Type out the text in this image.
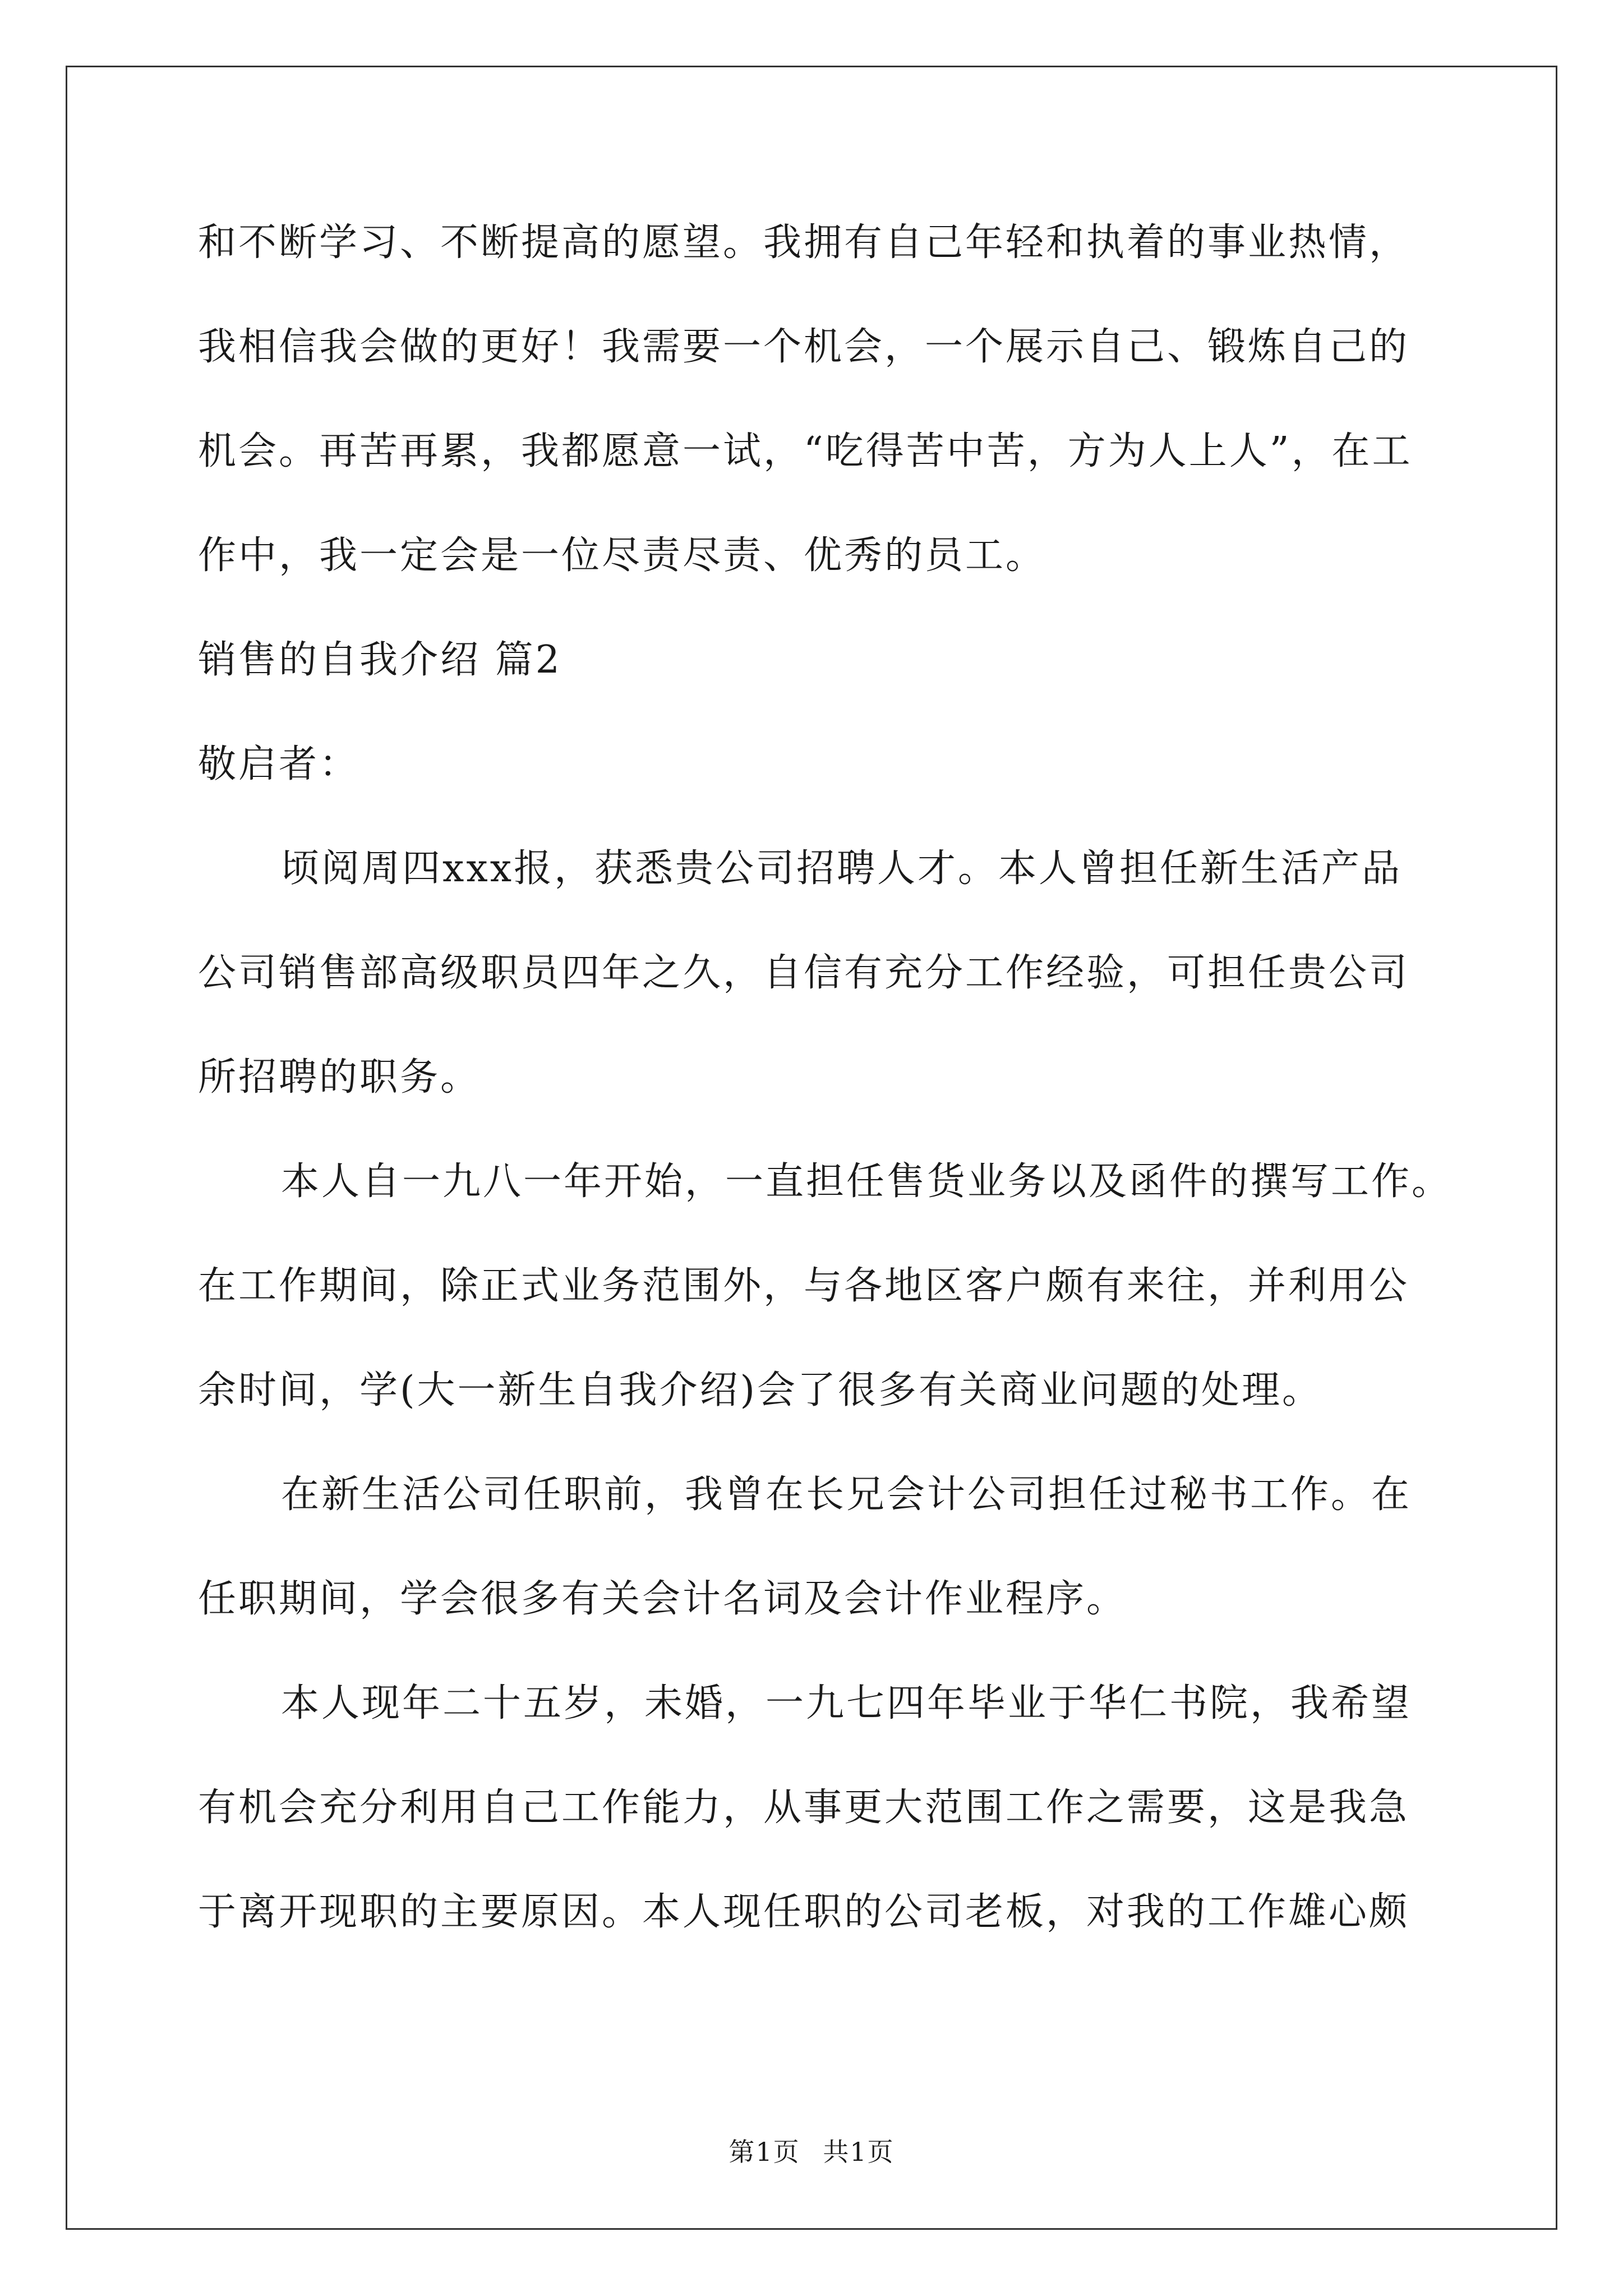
和不断学习、不断提高的愿望。我拥有自己年轻和执着的事业热情，
我相信我会做的更好！我需要一个机会，一个展示自己、锻炼自己的
机会。再苦再累，我都愿意一试，“吃得苦中苦，方为人上人”，在工
作中，我一定会是一位尽责尽责、优秀的员工。
销售的自我介绍 篇2
敬启者：
顷阅周四xxx报，获悉贵公司招聘人才。本人曾担任新生活产品
公司销售部高级职员四年之久，自信有充分工作经验，可担任贵公司
所招聘的职务。
本人自一九八一年开始，一直担任售货业务以及函件的撰写工作。
在工作期间，除正式业务范围外，与各地区客户颇有来往，并利用公
余时间，学(大一新生自我介绍)会了很多有关商业问题的处理。
在新生活公司任职前，我曾在长兄会计公司担任过秘书工作。在
任职期间，学会很多有关会计名词及会计作业程序。
本人现年二十五岁，未婚，一九七四年毕业于华仁书院，我希望
有机会充分利用自己工作能力，从事更大范围工作之需要，这是我急
于离开现职的主要原因。本人现任职的公司老板，对我的工作雄心颇
第1页 共1页
